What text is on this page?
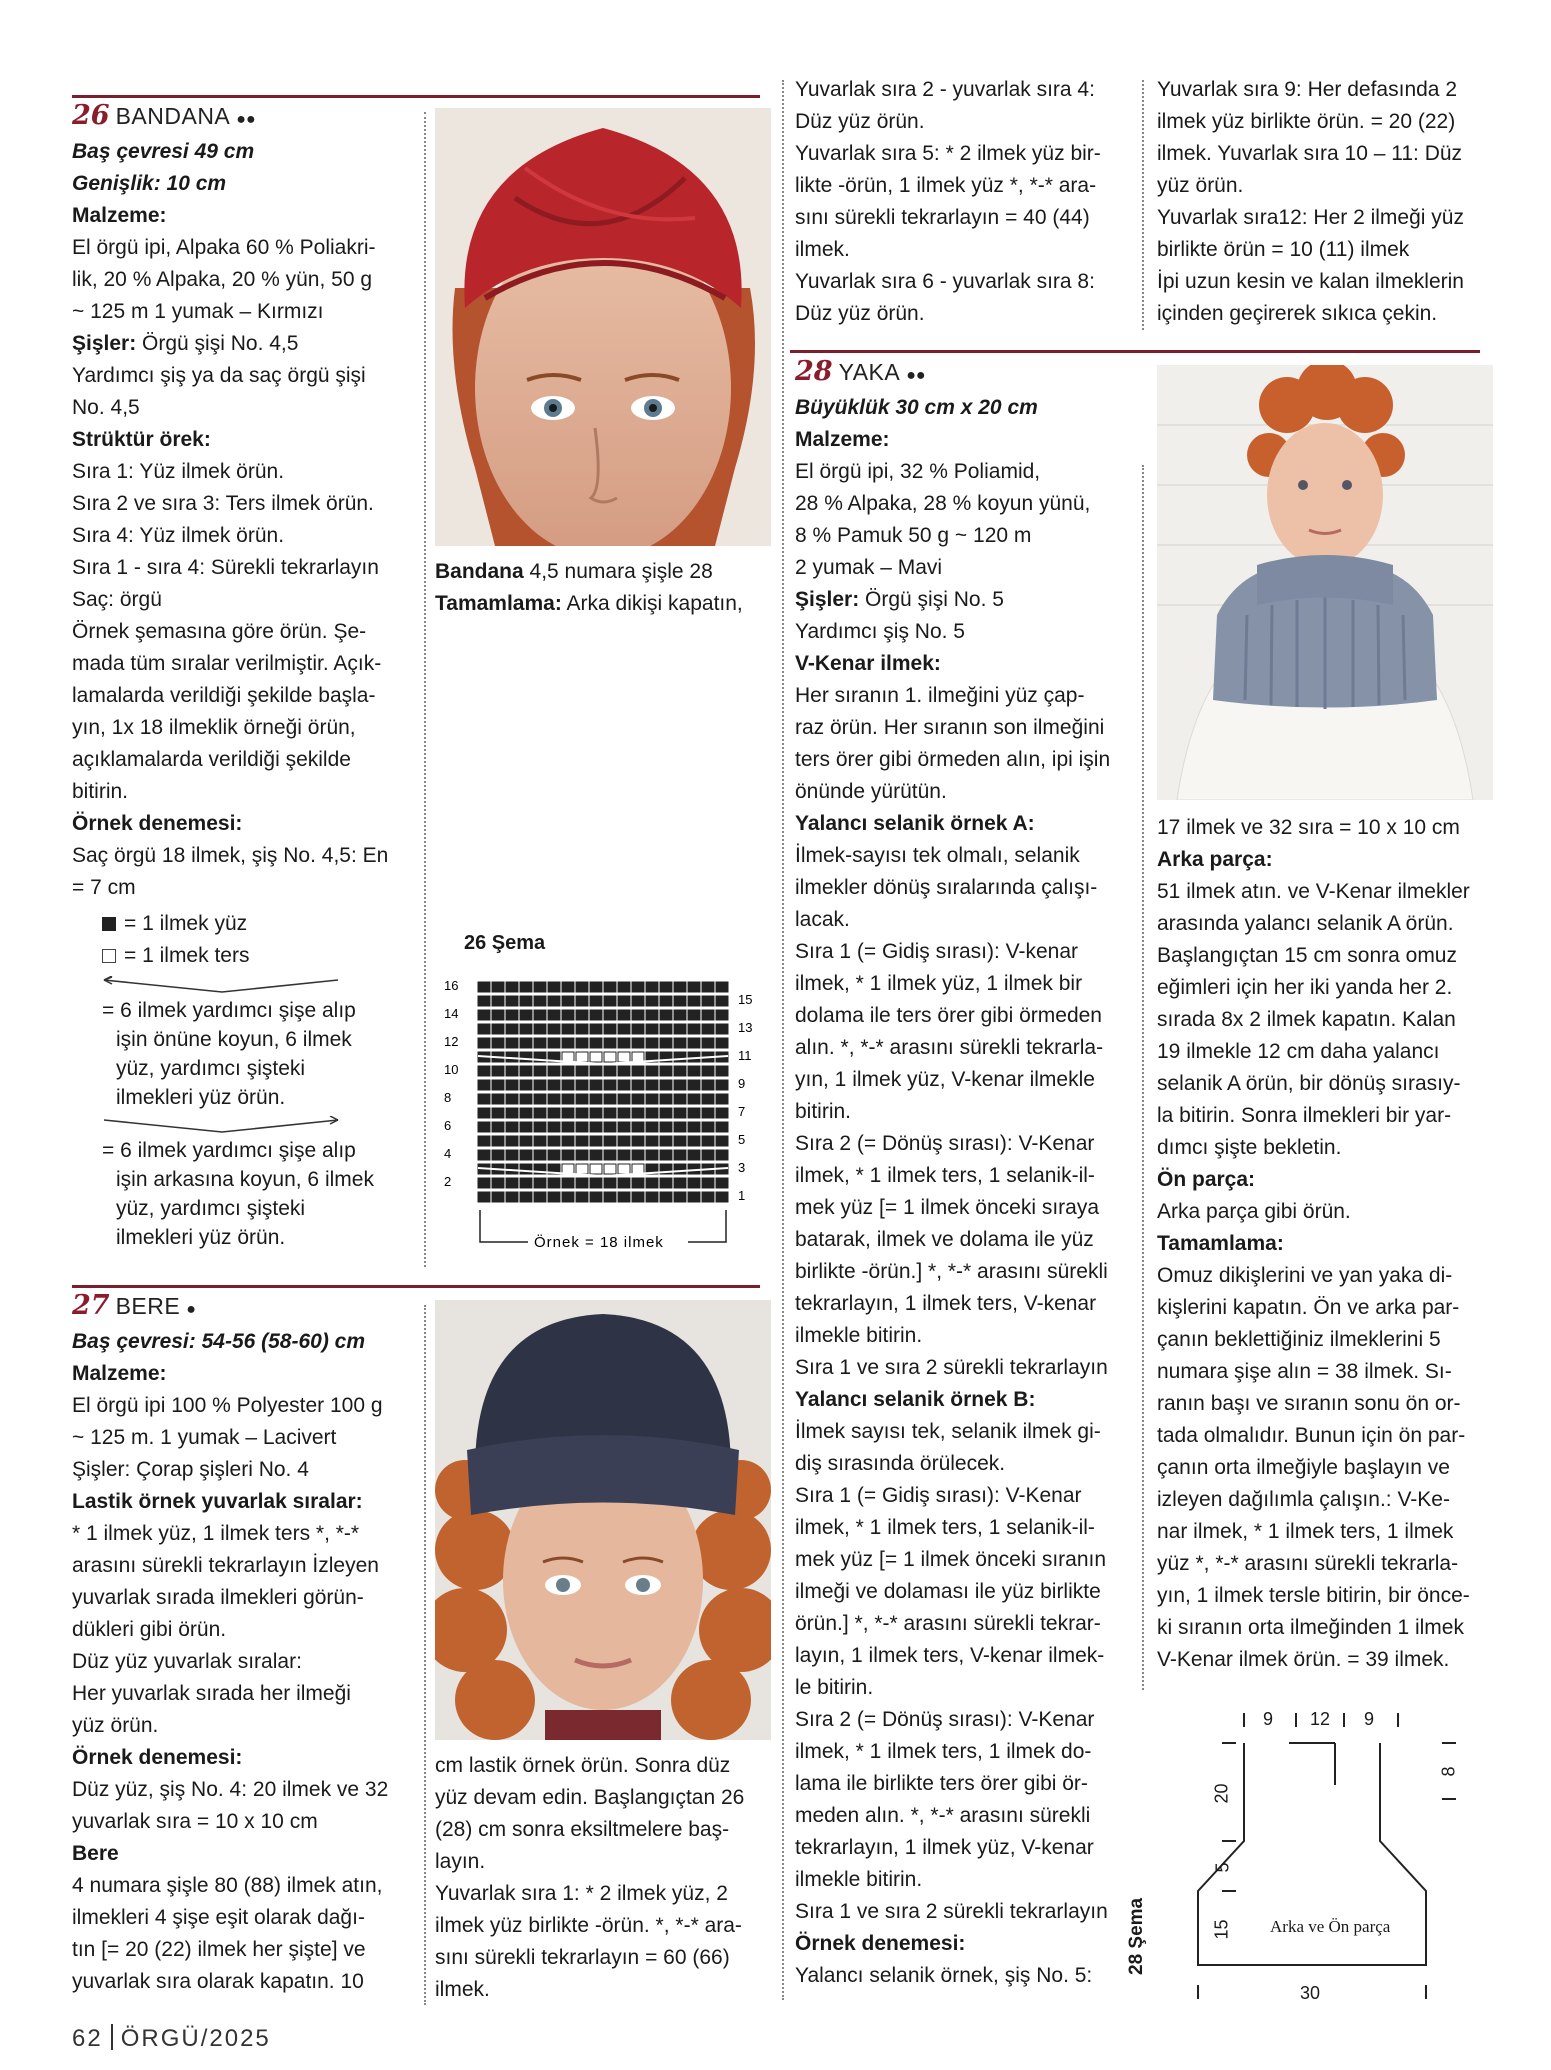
26 BANDANA ●●

Baş çevresi 49 cm

Genişlik: 10 cm

Malzeme:

El örgü ipi, Alpaka 60 % Poliakri-

lik, 20 % Alpaka, 20 % yün, 50 g

~ 125 m 1 yumak – Kırmızı

Şişler: Örgü şişi No. 4,5

Yardımcı şiş ya da saç örgü şişi

No. 4,5

Strüktür örek:

Sıra 1: Yüz ilmek örün.

Sıra 2 ve sıra 3: Ters ilmek örün.

Sıra 4: Yüz ilmek örün.

Sıra 1 - sıra 4: Sürekli tekrarlayın

Saç: örgü

Örnek şemasına göre örün. Şe-

mada tüm sıralar verilmiştir. Açık-

lamalarda verildiği şekilde başla-

yın, 1x 18 ilmeklik örneği örün,

açıklamalarda verildiği şekilde

bitirin.

Örnek denemesi:

Saç örgü 18 ilmek, şiş No. 4,5: En

= 7 cm

= 1 ilmek yüz
= 1 ilmek ters
= 6 ilmek yardımcı şişe alıp
işin önüne koyun, 6 ilmek
yüz, yardımcı şişteki
ilmekleri yüz örün.
= 6 ilmek yardımcı şişe alıp
işin arkasına koyun, 6 ilmek
yüz, yardımcı şişteki
ilmekleri yüz örün.

Bandana 4,5 numara şişle 28

Tamamlama: Arka dikişi kapatın,

26 Şema
16
14
12
10
8
6
4
2
15
13
11
9
7
5
3
1
Örnek = 18 ilmek
27 BERE ●

Baş çevresi: 54-56 (58-60) cm

Malzeme:

El örgü ipi 100 % Polyester 100 g

~ 125 m. 1 yumak – Lacivert

Şişler: Çorap şişleri No. 4

Lastik örnek yuvarlak sıralar:

* 1 ilmek yüz, 1 ilmek ters *, *-*

arasını sürekli tekrarlayın İzleyen

yuvarlak sırada ilmekleri görün-

dükleri gibi örün.

Düz yüz yuvarlak sıralar:

Her yuvarlak sırada her ilmeği

yüz örün.

Örnek denemesi:

Düz yüz, şiş No. 4: 20 ilmek ve 32

yuvarlak sıra = 10 x 10 cm

Bere

4 numara şişle 80 (88) ilmek atın,

ilmekleri 4 şişe eşit olarak dağı-

tın [= 20 (22) ilmek her şişte] ve

yuvarlak sıra olarak kapatın. 10

cm lastik örnek örün. Sonra düz

yüz devam edin. Başlangıçtan 26

(28) cm sonra eksiltmelere baş-

layın.

Yuvarlak sıra 1: * 2 ilmek yüz, 2

ilmek yüz birlikte -örün. *, *-* ara-

sını sürekli tekrarlayın = 60 (66)

ilmek.

Yuvarlak sıra 2 - yuvarlak sıra 4:

Düz yüz örün.

Yuvarlak sıra 5: * 2 ilmek yüz bir-

likte -örün, 1 ilmek yüz *, *-* ara-

sını sürekli tekrarlayın = 40 (44)

ilmek.

Yuvarlak sıra 6 - yuvarlak sıra 8:

Düz yüz örün.

Yuvarlak sıra 9: Her defasında 2

ilmek yüz birlikte örün. = 20 (22)

ilmek. Yuvarlak sıra 10 – 11: Düz

yüz örün.

Yuvarlak sıra12: Her 2 ilmeği yüz

birlikte örün = 10 (11) ilmek

İpi uzun kesin ve kalan ilmeklerin

içinden geçirerek sıkıca çekin.

28 YAKA ●●

Büyüklük 30 cm x 20 cm

Malzeme:

El örgü ipi, 32 % Poliamid,

28 % Alpaka, 28 % koyun yünü,

8 % Pamuk 50 g ~ 120 m

2 yumak – Mavi

Şişler: Örgü şişi No. 5

Yardımcı şiş No. 5

V-Kenar ilmek:

Her sıranın 1. ilmeğini yüz çap-

raz örün. Her sıranın son ilmeğini

ters örer gibi örmeden alın, ipi işin

önünde yürütün.

Yalancı selanik örnek A:

İlmek-sayısı tek olmalı, selanik

ilmekler dönüş sıralarında çalışı-

lacak.

Sıra 1 (= Gidiş sırası): V-kenar

ilmek, * 1 ilmek yüz, 1 ilmek bir

dolama ile ters örer gibi örmeden

alın. *, *-* arasını sürekli tekrarla-

yın, 1 ilmek yüz, V-kenar ilmekle

bitirin.

Sıra 2 (= Dönüş sırası): V-Kenar

ilmek, * 1 ilmek ters, 1 selanik-il-

mek yüz [= 1 ilmek önceki sıraya

batarak, ilmek ve dolama ile yüz

birlikte -örün.] *, *-* arasını sürekli

tekrarlayın, 1 ilmek ters, V-kenar

ilmekle bitirin.

Sıra 1 ve sıra 2 sürekli tekrarlayın

Yalancı selanik örnek B:

İlmek sayısı tek, selanik ilmek gi-

diş sırasında örülecek.

Sıra 1 (= Gidiş sırası): V-Kenar

ilmek, * 1 ilmek ters, 1 selanik-il-

mek yüz [= 1 ilmek önceki sıranın

ilmeği ve dolaması ile yüz birlikte

örün.] *, *-* arasını sürekli tekrar-

layın, 1 ilmek ters, V-kenar ilmek-

le bitirin.

Sıra 2 (= Dönüş sırası): V-Kenar

ilmek, * 1 ilmek ters, 1 ilmek do-

lama ile birlikte ters örer gibi ör-

meden alın. *, *-* arasını sürekli

tekrarlayın, 1 ilmek yüz, V-kenar

ilmekle bitirin.

Sıra 1 ve sıra 2 sürekli tekrarlayın

Örnek denemesi:

Yalancı selanik örnek, şiş No. 5:

17 ilmek ve 32 sıra = 10 x 10 cm

Arka parça:

51 ilmek atın. ve V-Kenar ilmekler

arasında yalancı selanik A örün.

Başlangıçtan 15 cm sonra omuz

eğimleri için her iki yanda her 2.

sırada 8x 2 ilmek kapatın. Kalan

19 ilmekle 12 cm daha yalancı

selanik A örün, bir dönüş sırasıy-

la bitirin. Sonra ilmekleri bir yar-

dımcı şişte bekletin.

Ön parça:

Arka parça gibi örün.

Tamamlama:

Omuz dikişlerini ve yan yaka di-

kişlerini kapatın. Ön ve arka par-

çanın beklettiğiniz ilmeklerini 5

numara şişe alın = 38 ilmek. Sı-

ranın başı ve sıranın sonu ön or-

tada olmalıdır. Bunun için ön par-

çanın orta ilmeğiyle başlayın ve

izleyen dağılımla çalışın.: V-Ke-

nar ilmek, * 1 ilmek ters, 1 ilmek

yüz *, *-* arasını sürekli tekrarla-

yın, 1 ilmek tersle bitirin, bir önce-

ki sıranın orta ilmeğinden 1 ilmek

V-Kenar ilmek örün. = 39 ilmek.

28 Şema
9 12 9
8
20
5
15
30
Arka ve Ön parça
62 ÖRGÜ/2025
